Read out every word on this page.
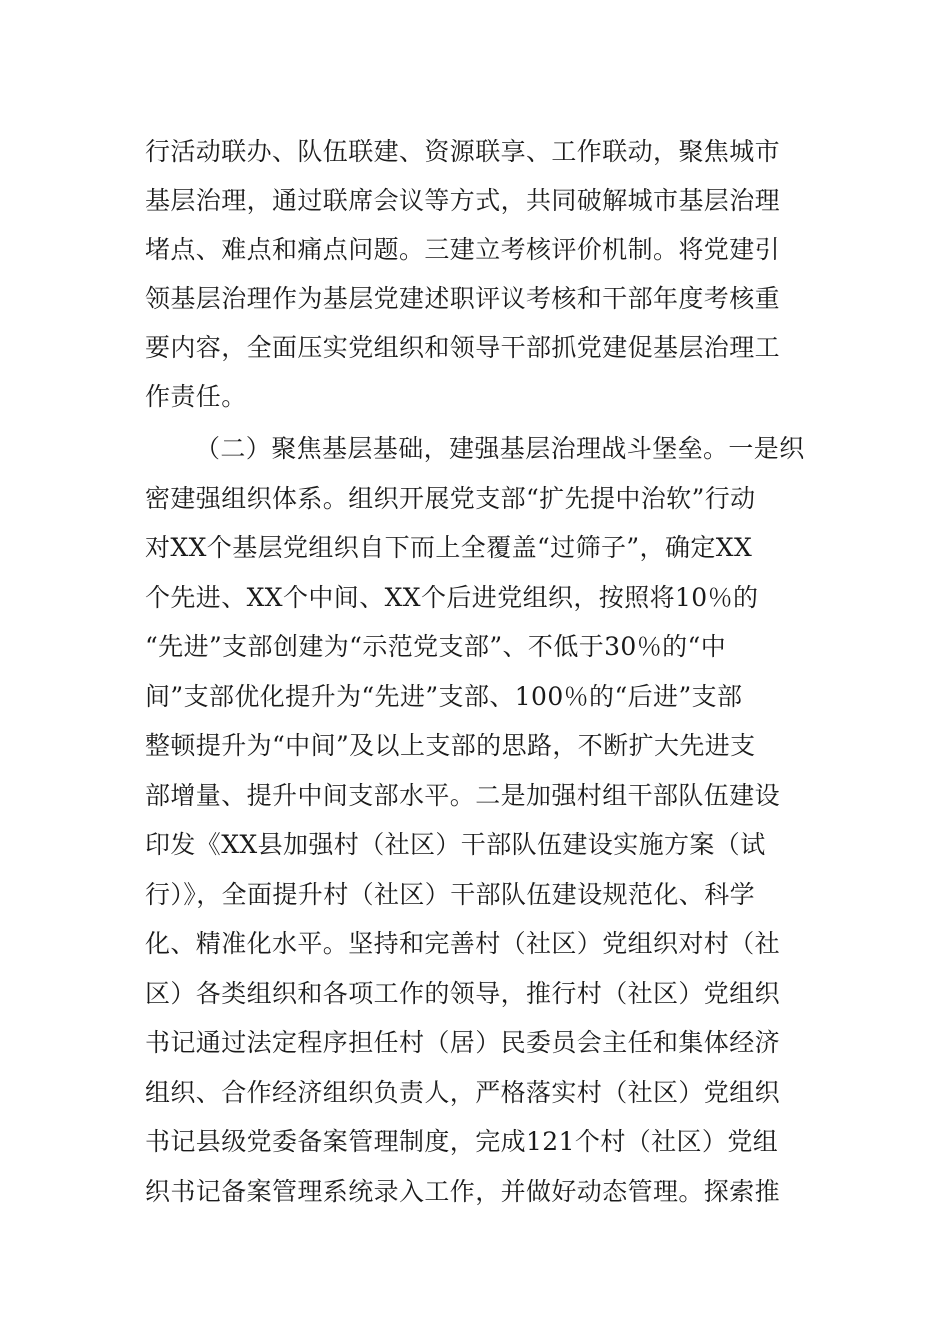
行活动联办、队伍联建、资源联享、工作联动，聚焦城市
基层治理，通过联席会议等方式，共同破解城市基层治理
堵点、难点和痛点问题。三建立考核评价机制。将党建引
领基层治理作为基层党建述职评议考核和干部年度考核重
要内容，全面压实党组织和领导干部抓党建促基层治理工
作责任。
（二）聚焦基层基础，建强基层治理战斗堡垒。一是织
密建强组织体系。组织开展党支部“扩先提中治软”行动
对XX个基层党组织自下而上全覆盖“过筛子”，确定XX
个先进、XX个中间、XX个后进党组织，按照将10％的
“先进”支部创建为“示范党支部”、不低于30％的“中
间”支部优化提升为“先进”支部、100％的“后进”支部
整顿提升为“中间”及以上支部的思路，不断扩大先进支
部增量、提升中间支部水平。二是加强村组干部队伍建设
印发《XX县加强村（社区）干部队伍建设实施方案（试
行）》，全面提升村（社区）干部队伍建设规范化、科学
化、精准化水平。坚持和完善村（社区）党组织对村（社
区）各类组织和各项工作的领导，推行村（社区）党组织
书记通过法定程序担任村（居）民委员会主任和集体经济
组织、合作经济组织负责人，严格落实村（社区）党组织
书记县级党委备案管理制度，完成121个村（社区）党组
织书记备案管理系统录入工作，并做好动态管理。探索推
